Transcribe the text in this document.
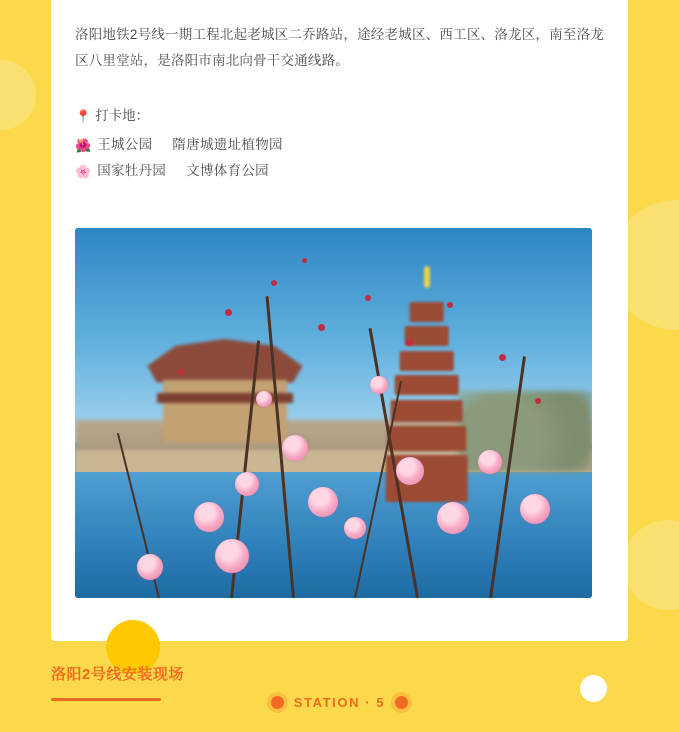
洛阳地铁2号线一期工程北起老城区二乔路站，途经老城区、西工区、洛龙区，南至洛龙区八里堂站，是洛阳市南北向骨干交通线路。

📍 打卡地：
🌺 王城公园 隋唐城遗址植物园
🌸 国家牡丹园 文博体育公园
洛阳2号线安装现场
STATION · 5
